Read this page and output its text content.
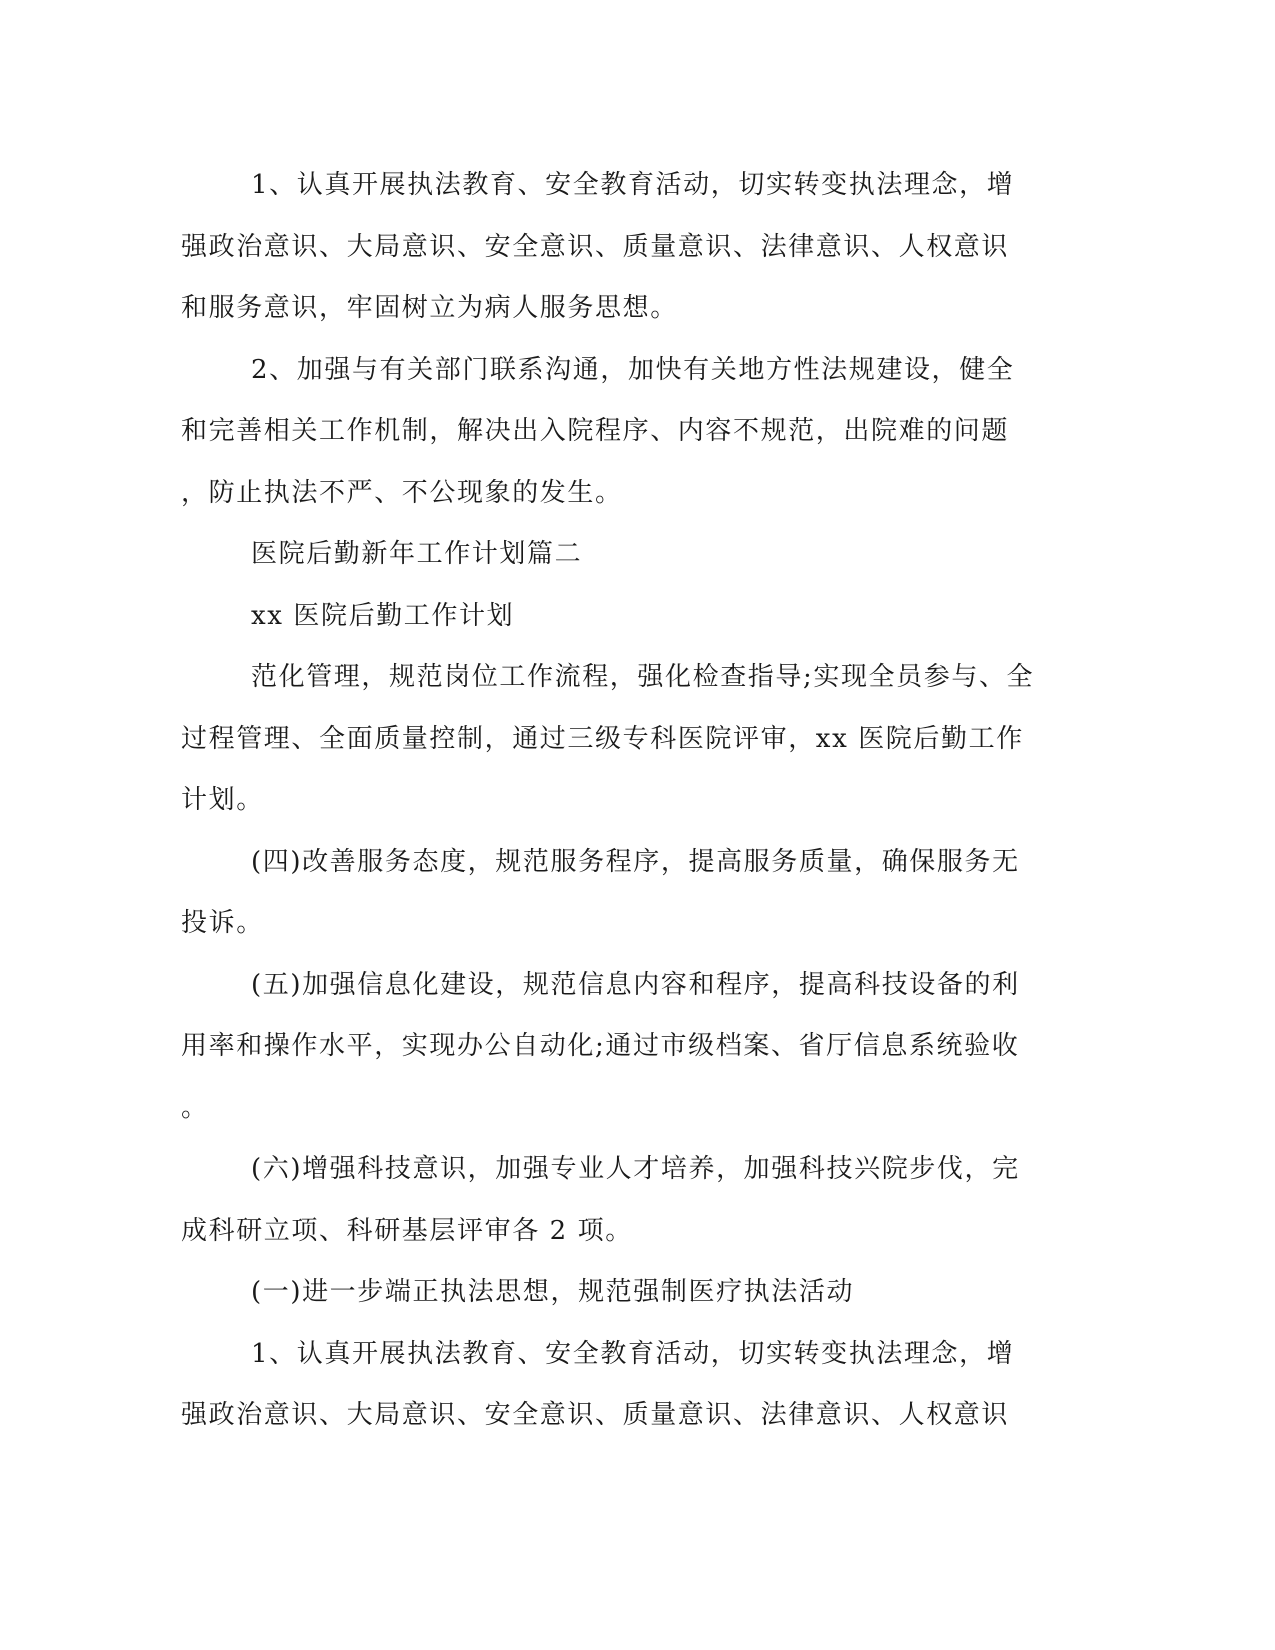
1、认真开展执法教育、安全教育活动，切实转变执法理念，增
强政治意识、大局意识、安全意识、质量意识、法律意识、人权意识
和服务意识，牢固树立为病人服务思想。
2、加强与有关部门联系沟通，加快有关地方性法规建设，健全
和完善相关工作机制，解决出入院程序、内容不规范，出院难的问题
，防止执法不严、不公现象的发生。
医院后勤新年工作计划篇二
xx 医院后勤工作计划
范化管理，规范岗位工作流程，强化检查指导;实现全员参与、全
过程管理、全面质量控制，通过三级专科医院评审，xx 医院后勤工作
计划。
(四)改善服务态度，规范服务程序，提高服务质量，确保服务无
投诉。
(五)加强信息化建设，规范信息内容和程序，提高科技设备的利
用率和操作水平，实现办公自动化;通过市级档案、省厅信息系统验收
。
(六)增强科技意识，加强专业人才培养，加强科技兴院步伐，完
成科研立项、科研基层评审各 2 项。
(一)进一步端正执法思想，规范强制医疗执法活动
1、认真开展执法教育、安全教育活动，切实转变执法理念，增
强政治意识、大局意识、安全意识、质量意识、法律意识、人权意识
